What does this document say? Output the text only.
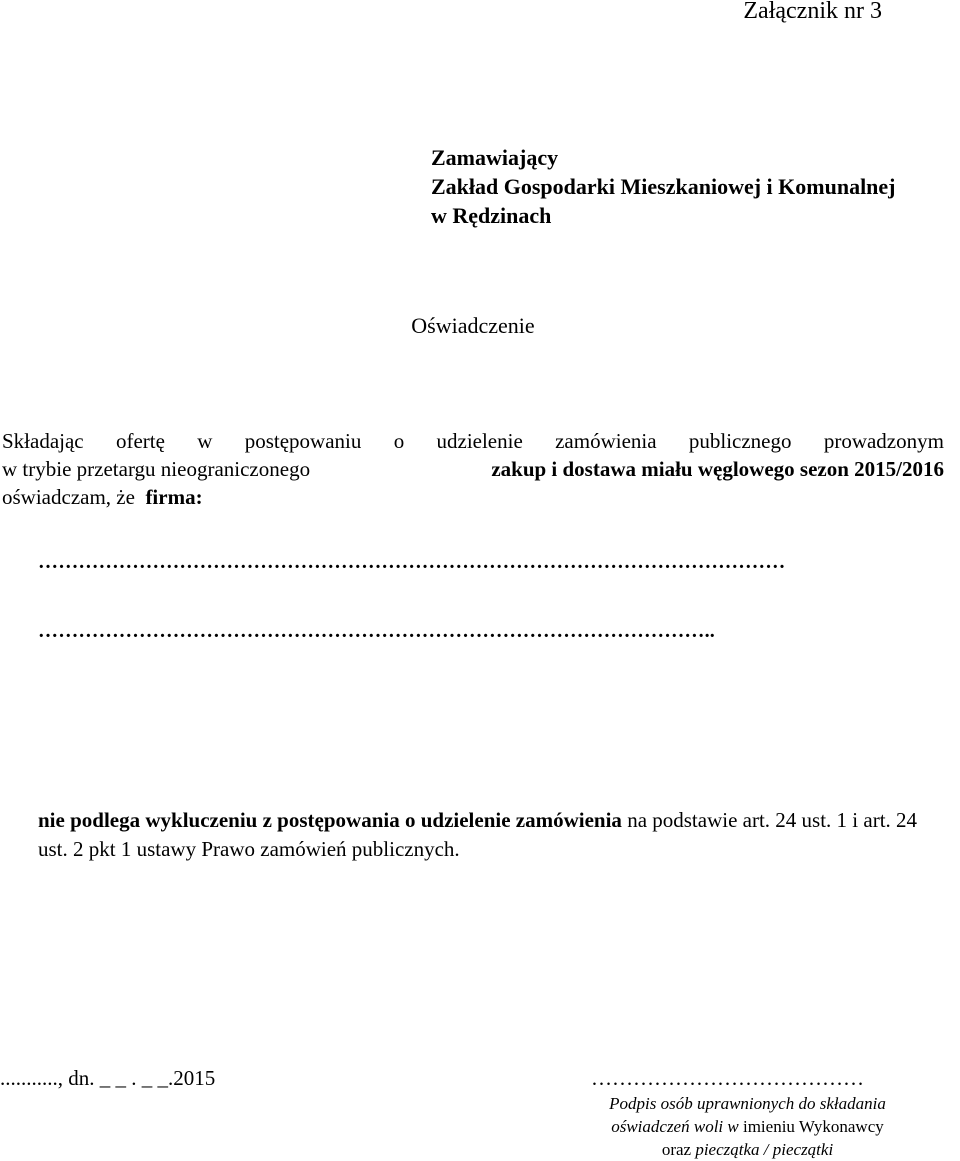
Załącznik nr 3
Zamawiający
Zakład Gospodarki Mieszkaniowej i Komunalnej
w Rędzinach
Oświadczenie
Składając ofertę w postępowaniu o udzielenie zamówienia publicznego prowadzonym
w trybie przetargu nieograniczonego	zakup i dostawa miału węglowego sezon 2015/2016
oświadczam, że firma:
…………………………………………………………………………………………………
………………………………………………………………………………………..
nie podlega wykluczeniu z postępowania o udzielenie zamówienia na podstawie art. 24 ust. 1 i art. 24 ust. 2 pkt 1 ustawy Prawo zamówień publicznych.
..........., dn. _ _ . _ _.2015	…………………………………
Podpis osób uprawnionych do składania
oświadczeń woli w imieniu Wykonawcy
oraz pieczątka / pieczątki
